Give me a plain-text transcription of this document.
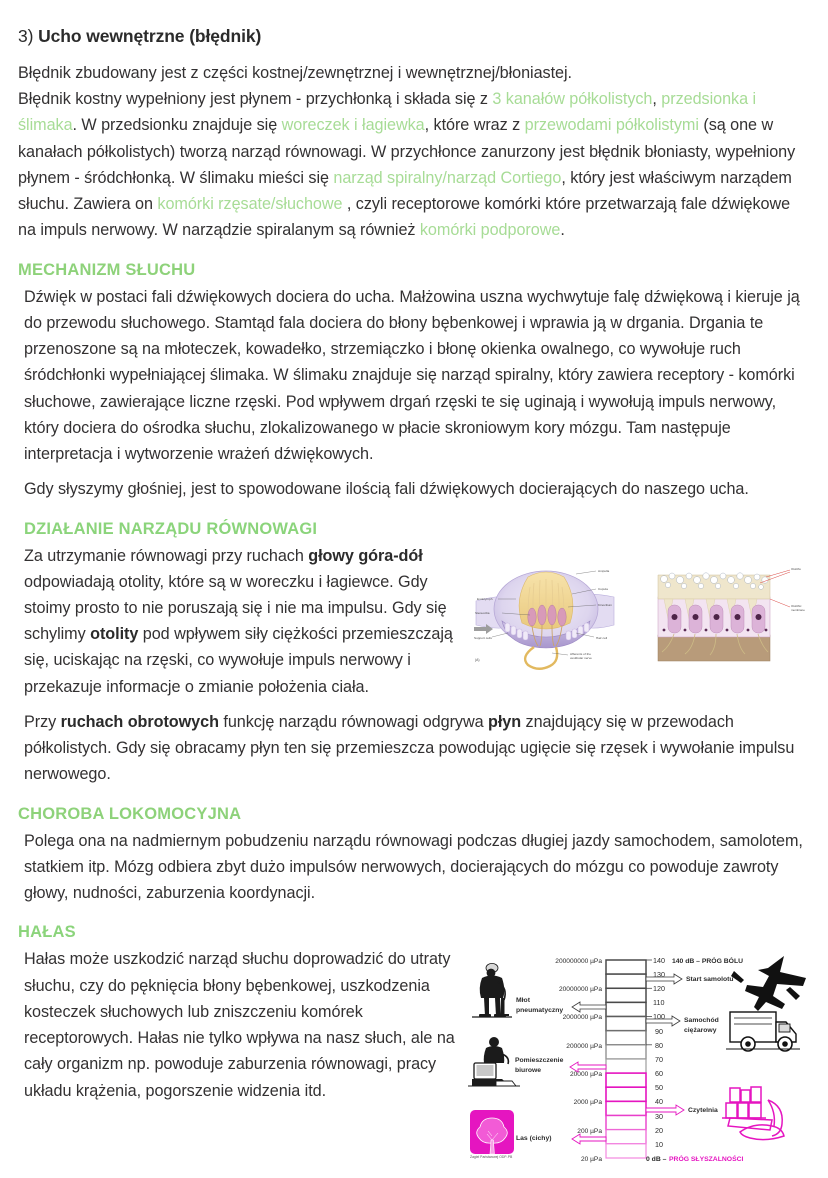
3) Ucho wewnętrzne (błędnik)

Błędnik zbudowany jest z części kostnej/zewnętrznej i wewnętrznej/błoniastej.

Błędnik kostny wypełniony jest płynem - przychłonką i składa się z 3 kanałów półkolistych, przedsionka i ślimaka. W przedsionku znajduje się woreczek i łagiewka, które wraz z przewodami półkolistymi (są one w kanałach półkolistych) tworzą narząd równowagi. W przychłonce zanurzony jest błędnik błoniasty, wypełniony płynem - śródchłonką. W ślimaku mieści się narząd spiralny/narząd Cortiego, który jest właściwym narządem słuchu. Zawiera on komórki rzęsate/słuchowe , czyli receptorowe komórki które przetwarzają fale dźwiękowe na impuls nerwowy. W narządzie spiralanym są również komórki podporowe.

MECHANIZM SŁUCHU

Dźwięk w postaci fali dźwiękowych dociera do ucha. Małżowina uszna wychwytuje falę dźwiękową i kieruje ją do przewodu słuchowego. Stamtąd fala dociera do błony bębenkowej i wprawia ją w drgania. Drgania te przenoszone są na młoteczek, kowadełko, strzemiączko i błonę okienka owalnego, co wywołuje ruch śródchłonki wypełniającej ślimaka. W ślimaku znajduje się narząd spiralny, który zawiera receptory - komórki słuchowe, zawierające liczne rzęski. Pod wpływem drgań rzęski te się uginają i wywołują impuls nerwowy, który dociera do ośrodka słuchu, zlokalizowanego w płacie skroniowym kory mózgu. Tam następuje interpretacja i wytworzenie wrażeń dźwiękowych.

Gdy słyszymy głośniej, jest to spowodowane ilością fali dźwiękowych docierających do naszego ucha.

DZIAŁANIE NARZĄDU RÓWNOWAGI

Za utrzymanie równowagi przy ruchach głowy góra-dół odpowiadają otolity, które są w woreczku i łagiewce. Gdy stoimy prosto to nie poruszają się i nie ma impulsu. Gdy się schylimy otolity pod wpływem siły ciężkości przemieszczają się, uciskając na rzęski, co wywołuje impuls nerwowy i przekazuje informacje o zmianie położenia ciała.

Ampulla
Cupula
Kinocilium
Endolymph
Stereocilia
Support cells	Hair cell
Afferents of the
vestibular nerve
(A)
Otoliths
Otolithic
membrane

Przy ruchach obrotowych funkcję narządu równowagi odgrywa płyn znajdujący się w przewodach półkolistych. Gdy się obracamy płyn ten się przemieszcza powodując ugięcie się rzęsek i wywołanie impulsu nerwowego.

CHOROBA LOKOMOCYJNA

Polega ona na nadmiernym pobudzeniu narządu równowagi podczas długiej jazdy samochodem, samolotem, statkiem itp. Mózg odbiera zbyt dużo impulsów nerwowych, docierających do mózgu co powoduje zawroty głowy, nudności, zaburzenia koordynacji.

HAŁAS

Hałas może uszkodzić narząd słuchu doprowadzić do utraty słuchu, czy do pęknięcia błony bębenkowej, uszkodzenia kosteczek słuchowych lub zniszczeniu komórek receptorowych. Hałas nie tylko wpływa na nasz słuch, ale na cały organizm np. powoduje zaburzenia równowagi, pracy układu krążenia, pogorszenie widzenia itd.

140
130
120
110
100
90
80
70
60
50
40
30
20
10
200000000 µPa
20000000 µPa
2000000 µPa
200000 µPa
20000 µPa
2000 µPa
200 µPa
20 µPa
140 dB – PRÓG BÓLU
0 dB – PRÓG SŁYSZALNOŚCI
Start samolotu
Samochód
ciężarowy
Czytelnia
Młot
pneumatyczny
Pomieszczenie
biurowe
Las (cichy)
Żagiel Państwowej ODP-PB
